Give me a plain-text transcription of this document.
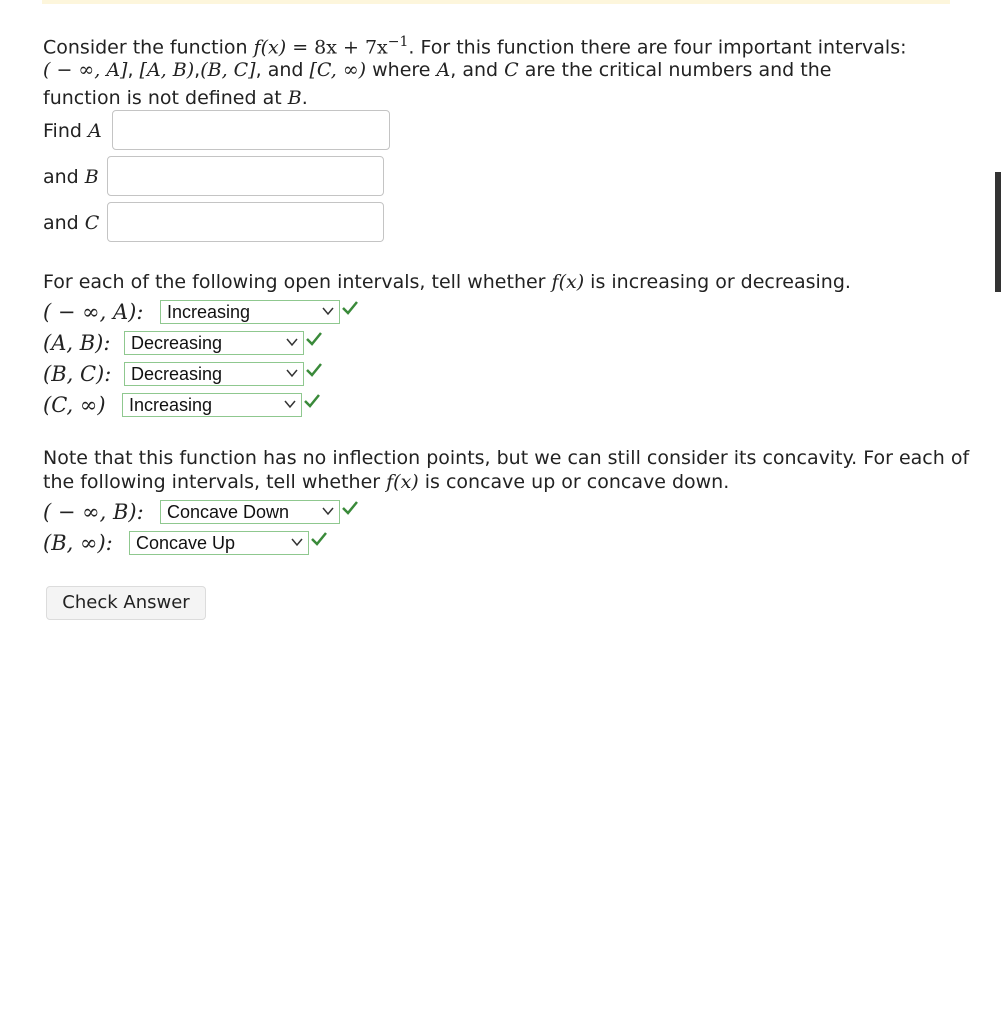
Consider the function $f(x) = 8x + 7x^{-1}$. For this function there are four important intervals:
( − ∞, A], [A, B),(B, C], and [C, ∞) where A, and C are the critical numbers and the
function is not defined at B.
Find A
and B
and C
For each of the following open intervals, tell whether f(x) is increasing or decreasing.
( − ∞, A):	Increasing
(A, B):	Decreasing
(B, C):	Decreasing
(C, ∞)	Increasing
Note that this function has no inflection points, but we can still consider its concavity. For each of
the following intervals, tell whether f(x) is concave up or concave down.
( − ∞, B):	Concave Down
(B, ∞):	Concave Up
Check Answer
